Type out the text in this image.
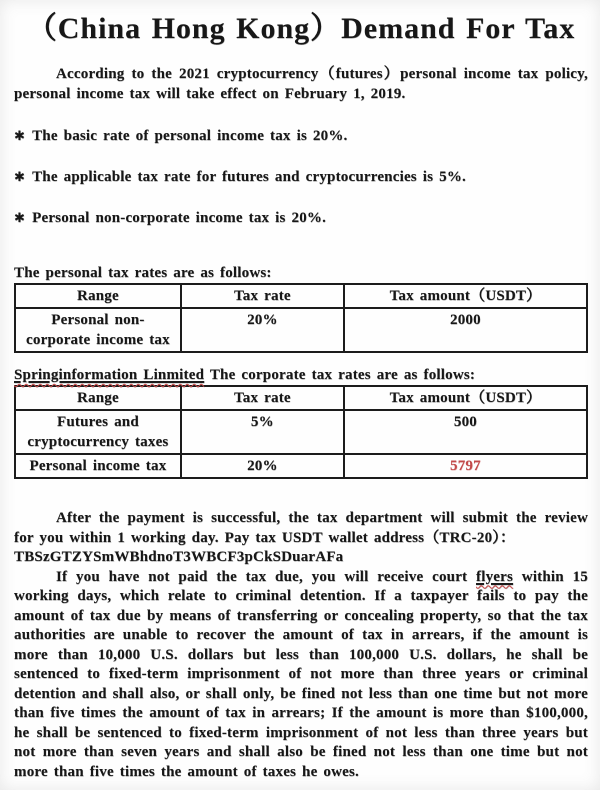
（China Hong Kong）Demand For Tax

According to the 2021 cryptocurrency（futures）personal income tax policy, personal income tax will take effect on February 1, 2019.

✱ The basic rate of personal income tax is 20%.
✱ The applicable tax rate for futures and cryptocurrencies is 5%.
✱ Personal non-corporate income tax is 20%.

The personal tax rates are as follows:

Range	Tax rate	Tax amount（USDT）
Personal non-corporate income tax	20%	2000

Springinformation Linmited The corporate tax rates are as follows:

Range	Tax rate	Tax amount（USDT）
Futures and cryptocurrency taxes	5%	500
Personal income tax	20%	5797

After the payment is successful, the tax department will submit the review for you within 1 working day. Pay tax USDT wallet address（TRC-20）：

TBSzGTZYSmWBhdnoT3WBCF3pCkSDuarAFa

If you have not paid the tax due, you will receive court flyers within 15 working days, which relate to criminal detention. If a taxpayer fails to pay the amount of tax due by means of transferring or concealing property, so that the tax authorities are unable to recover the amount of tax in arrears, if the amount is more than 10,000 U.S. dollars but less than 100,000 U.S. dollars, he shall be sentenced to fixed-term imprisonment of not more than three years or criminal detention and shall also, or shall only, be fined not less than one time but not more than five times the amount of tax in arrears; If the amount is more than $100,000, he shall be sentenced to fixed-term imprisonment of not less than three years but not more than seven years and shall also be fined not less than one time but not more than five times the amount of taxes he owes.
